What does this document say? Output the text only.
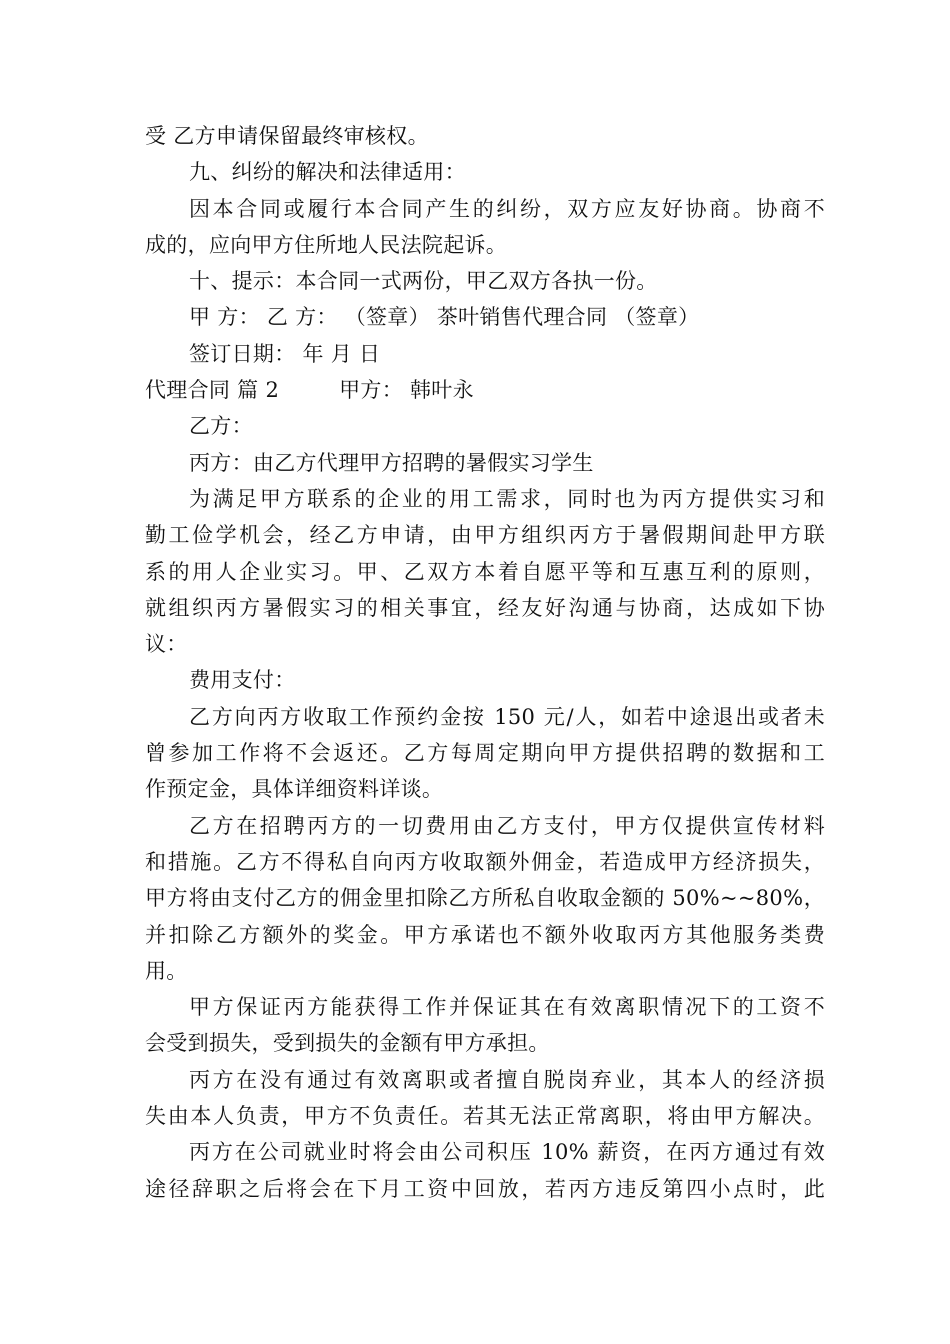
受 乙方申请保留最终审核权。
九、纠纷的解决和法律适用：
因本合同或履行本合同产生的纠纷，双方应友好协商。协商不
成的，应向甲方住所地人民法院起诉。
十、提示：本合同一式两份，甲乙双方各执一份。
甲 方： 乙 方： （签章） 茶叶销售代理合同 （签章）
签订日期： 年 月 日
代理合同 篇 2	甲方： 韩叶永
乙方：
丙方：由乙方代理甲方招聘的暑假实习学生
为满足甲方联系的企业的用工需求，同时也为丙方提供实习和
勤工俭学机会，经乙方申请，由甲方组织丙方于暑假期间赴甲方联
系的用人企业实习。甲、乙双方本着自愿平等和互惠互利的原则，
就组织丙方暑假实习的相关事宜，经友好沟通与协商，达成如下协
议：
费用支付：
乙方向丙方收取工作预约金按 150 元/人，如若中途退出或者未
曾参加工作将不会返还。乙方每周定期向甲方提供招聘的数据和工
作预定金，具体详细资料详谈。
乙方在招聘丙方的一切费用由乙方支付，甲方仅提供宣传材料
和措施。乙方不得私自向丙方收取额外佣金，若造成甲方经济损失，
甲方将由支付乙方的佣金里扣除乙方所私自收取金额的 50%~~80%，
并扣除乙方额外的奖金。甲方承诺也不额外收取丙方其他服务类费
用。
甲方保证丙方能获得工作并保证其在有效离职情况下的工资不
会受到损失，受到损失的金额有甲方承担。
丙方在没有通过有效离职或者擅自脱岗弃业，其本人的经济损
失由本人负责，甲方不负责任。若其无法正常离职，将由甲方解决。
丙方在公司就业时将会由公司积压 10% 薪资，在丙方通过有效
途径辞职之后将会在下月工资中回放，若丙方违反第四小点时，此
